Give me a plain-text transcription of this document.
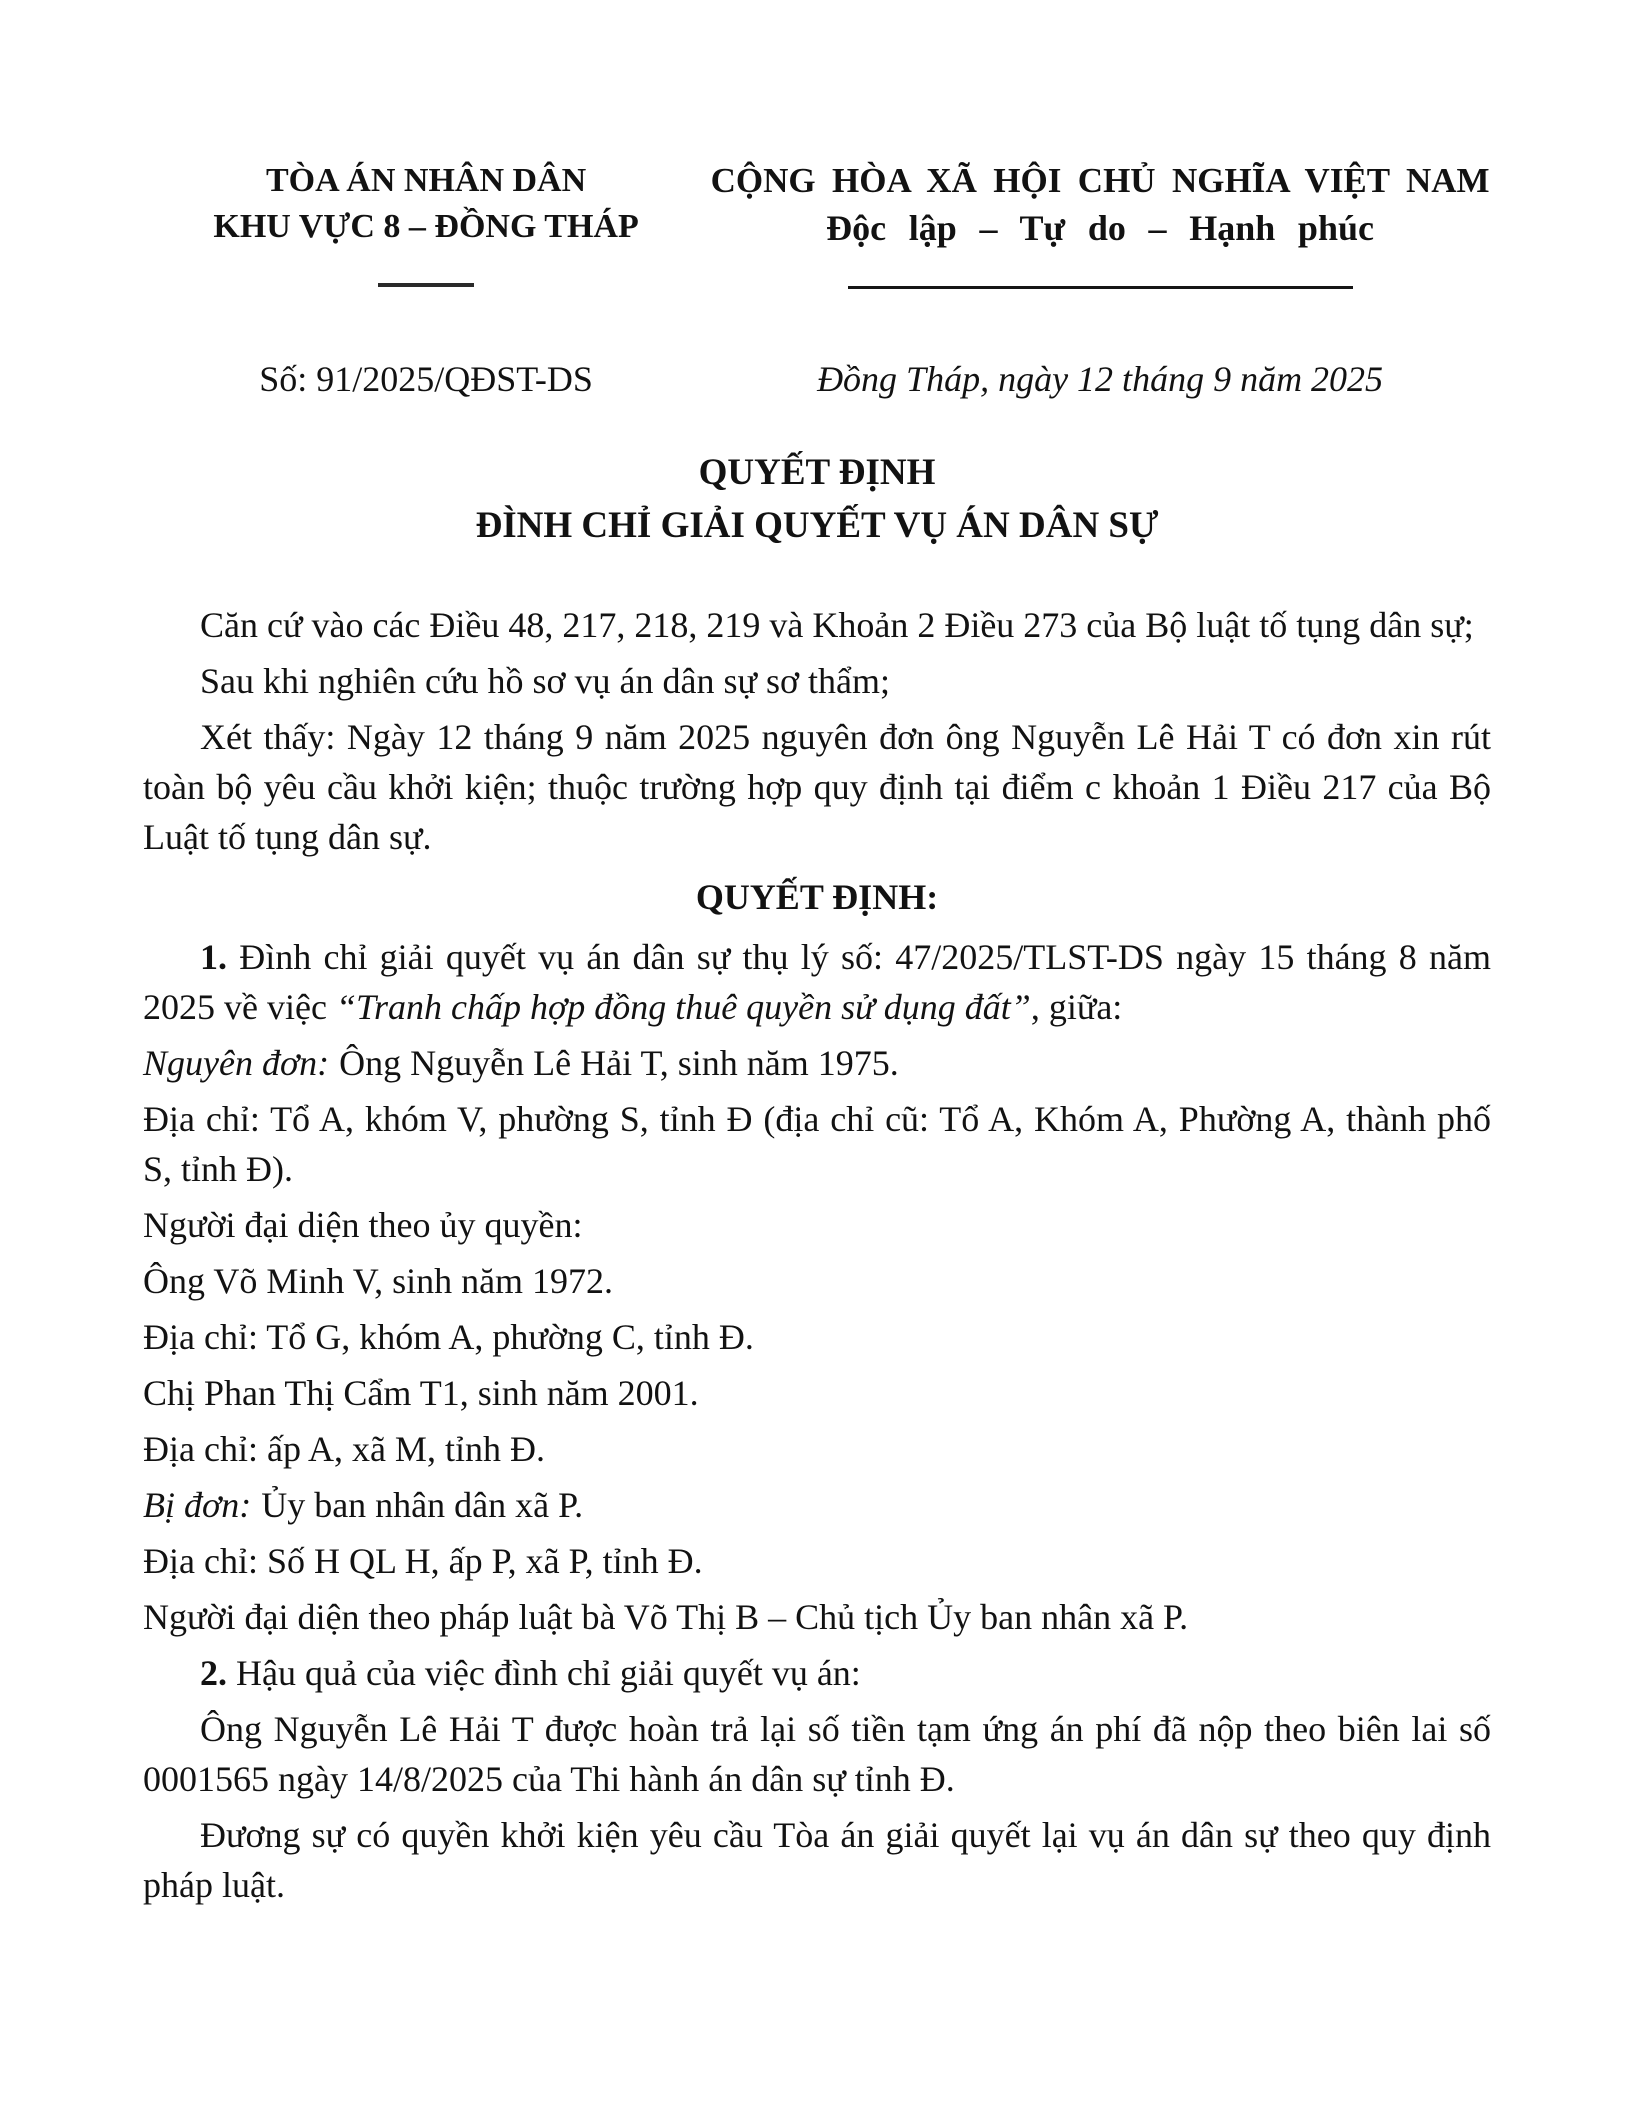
TÒA ÁN NHÂN DÂN
KHU VỰC 8 – ĐỒNG THÁP
CỘNG HÒA XÃ HỘI CHỦ NGHĨA VIỆT NAM
Độc lập – Tự do – Hạnh phúc
Số: 91/2025/QĐST-DS	Đồng Tháp, ngày 12 tháng 9 năm 2025
QUYẾT ĐỊNH
ĐÌNH CHỈ GIẢI QUYẾT VỤ ÁN DÂN SỰ

Căn cứ vào các Điều 48, 217, 218, 219 và Khoản 2 Điều 273 của Bộ luật tố tụng dân sự;

Sau khi nghiên cứu hồ sơ vụ án dân sự sơ thẩm;

Xét thấy: Ngày 12 tháng 9 năm 2025 nguyên đơn ông Nguyễn Lê Hải T có đơn xin rút toàn bộ yêu cầu khởi kiện; thuộc trường hợp quy định tại điểm c khoản 1 Điều 217 của Bộ Luật tố tụng dân sự.

QUYẾT ĐỊNH:

1. Đình chỉ giải quyết vụ án dân sự thụ lý số: 47/2025/TLST-DS ngày 15 tháng 8 năm 2025 về việc “Tranh chấp hợp đồng thuê quyền sử dụng đất”, giữa:

Nguyên đơn: Ông Nguyễn Lê Hải T, sinh năm 1975.

Địa chỉ: Tổ A, khóm V, phường S, tỉnh Đ (địa chỉ cũ: Tổ A, Khóm A, Phường A, thành phố S, tỉnh Đ).

Người đại diện theo ủy quyền:

Ông Võ Minh V, sinh năm 1972.

Địa chỉ: Tổ G, khóm A, phường C, tỉnh Đ.

Chị Phan Thị Cẩm T1, sinh năm 2001.

Địa chỉ: ấp A, xã M, tỉnh Đ.

Bị đơn: Ủy ban nhân dân xã P.

Địa chỉ: Số H QL H, ấp P, xã P, tỉnh Đ.

Người đại diện theo pháp luật bà Võ Thị B – Chủ tịch Ủy ban nhân xã P.

2. Hậu quả của việc đình chỉ giải quyết vụ án:

Ông Nguyễn Lê Hải T được hoàn trả lại số tiền tạm ứng án phí đã nộp theo biên lai số 0001565 ngày 14/8/2025 của Thi hành án dân sự tỉnh Đ.

Đương sự có quyền khởi kiện yêu cầu Tòa án giải quyết lại vụ án dân sự theo quy định pháp luật.
